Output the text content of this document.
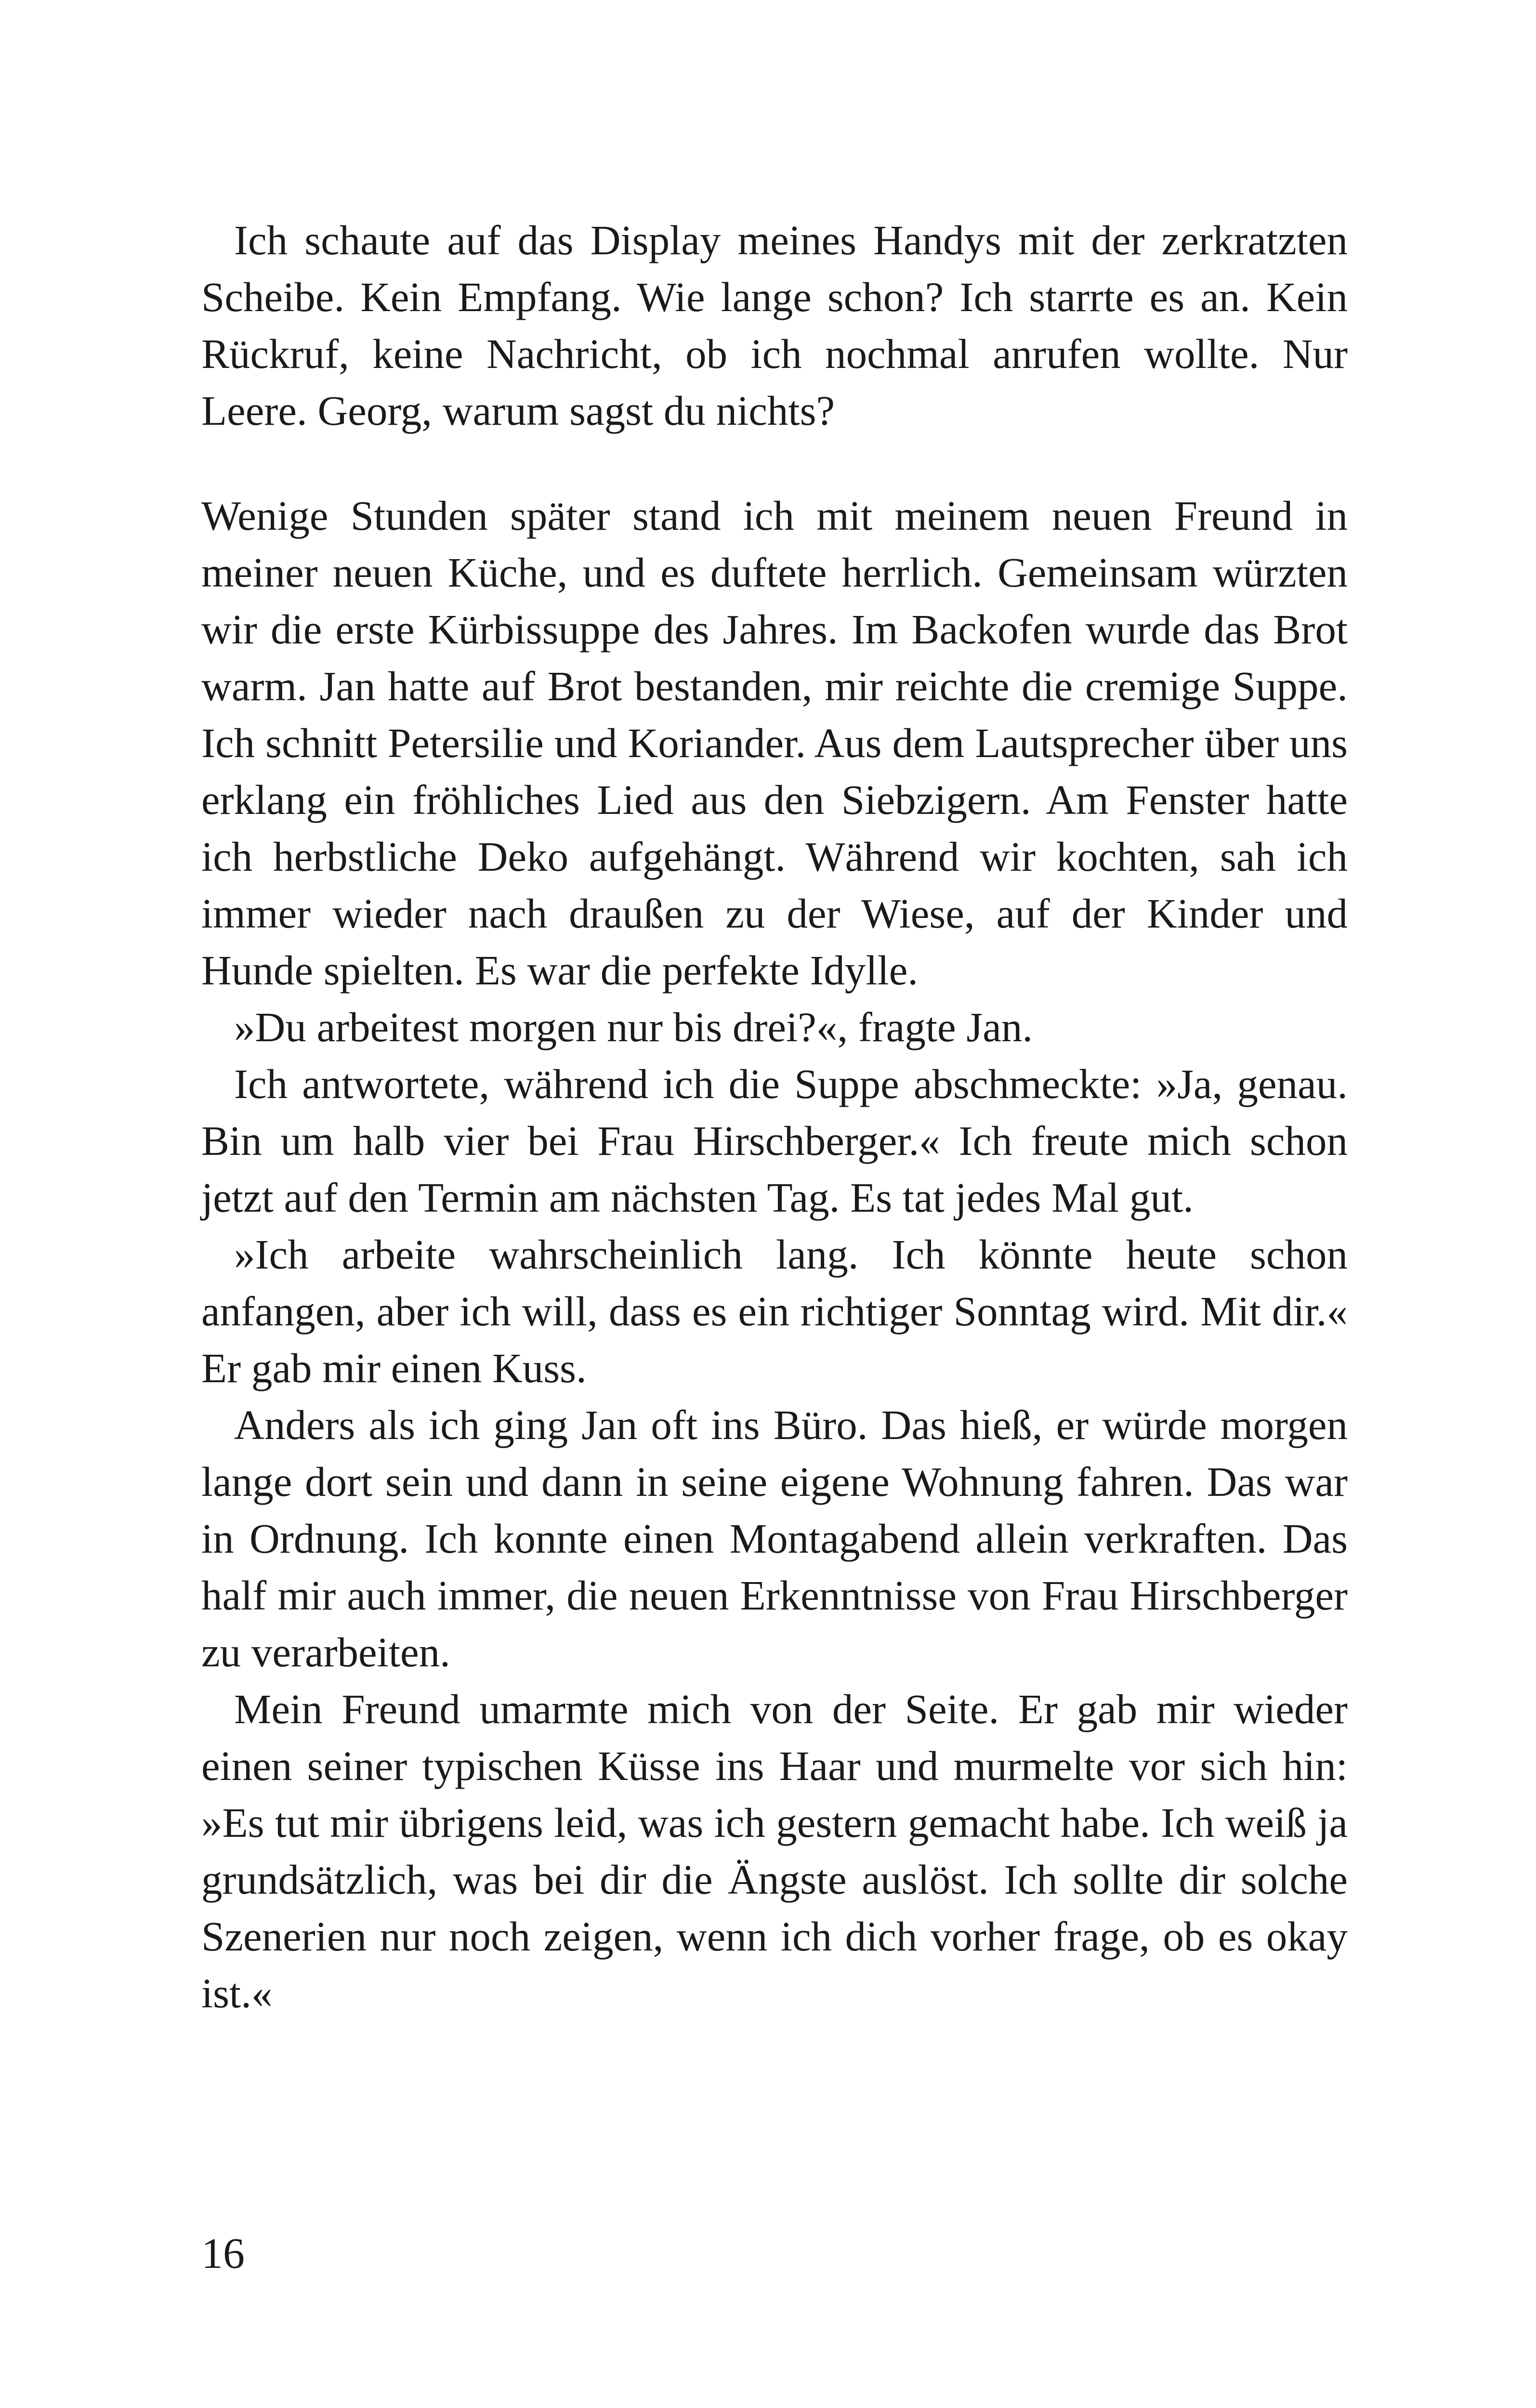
Ich schaute auf das Display meines Handys mit der zerkratzten Scheibe. Kein Empfang. Wie lange schon? Ich starrte es an. Kein Rückruf, keine Nachricht, ob ich nochmal anrufen wollte. Nur Leere. Georg, warum sagst du nichts?

Wenige Stunden später stand ich mit meinem neuen Freund in meiner neuen Küche, und es duftete herrlich. Gemeinsam würzten wir die erste Kürbissuppe des Jahres. Im Backofen wurde das Brot warm. Jan hatte auf Brot bestanden, mir reichte die cremige Suppe. Ich schnitt Petersilie und Koriander. Aus dem Lautsprecher über uns erklang ein fröhliches Lied aus den Siebzigern. Am Fenster hatte ich herbstliche Deko aufgehängt. Während wir kochten, sah ich immer wieder nach draußen zu der Wiese, auf der Kinder und Hunde spielten. Es war die perfekte Idylle.

»Du arbeitest morgen nur bis drei?«, fragte Jan.

Ich antwortete, während ich die Suppe abschmeckte: »Ja, genau. Bin um halb vier bei Frau Hirschberger.« Ich freute mich schon jetzt auf den Termin am nächsten Tag. Es tat jedes Mal gut.

»Ich arbeite wahrscheinlich lang. Ich könnte heute schon anfangen, aber ich will, dass es ein richtiger Sonntag wird. Mit dir.« Er gab mir einen Kuss.

Anders als ich ging Jan oft ins Büro. Das hieß, er würde morgen lange dort sein und dann in seine eigene Wohnung fahren. Das war in Ordnung. Ich konnte einen Montagabend allein verkraften. Das half mir auch immer, die neuen Erkenntnisse von Frau Hirschberger zu verarbeiten.

Mein Freund umarmte mich von der Seite. Er gab mir wieder einen seiner typischen Küsse ins Haar und murmelte vor sich hin: »Es tut mir übrigens leid, was ich gestern gemacht habe. Ich weiß ja grundsätzlich, was bei dir die Ängste auslöst. Ich sollte dir solche Szenerien nur noch zeigen, wenn ich dich vorher frage, ob es okay ist.«

16
